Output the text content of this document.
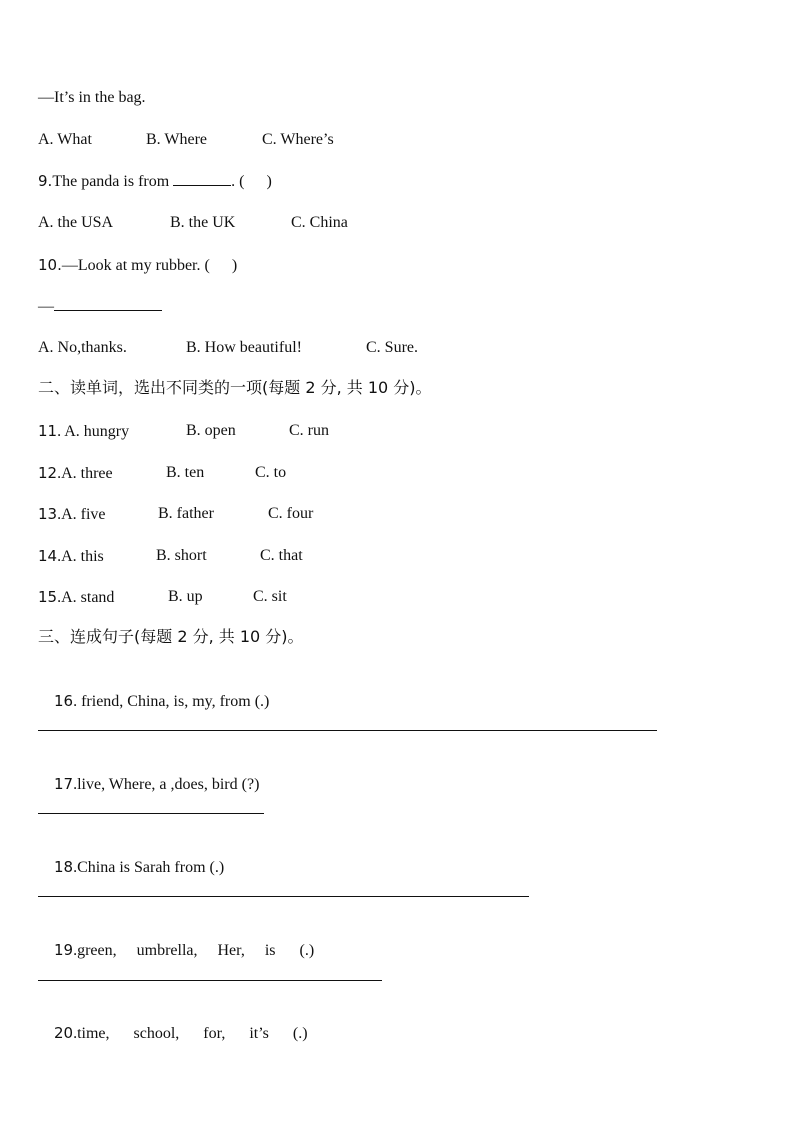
—It’s in the bag.
A. What	B. Where	C. Where’s
9.The panda is from	. ( )
A. the USA	B. the UK	C. China
10.—Look at my rubber. ( )
—
A. No,thanks.	B. How beautiful!	C. Sure.
二、读单词，选出不同类的一项(每题 2 分, 共 10 分)。
11. A. hungry	B. open	C. run
12.A. three	B. ten	C. to
13.A. five	B. father	C. four
14.A. this	B. short	C. that
15.A. stand	B. up	C. sit
三、连成句子(每题 2 分, 共 10 分)。

16. friend, China, is, my, from (.)

17.live, Where, a ,does, bird (?)

18.China is Sarah from (.)

19.green,     umbrella,     Her,     is      (.)

20.time,      school,      for,      it’s      (.)
